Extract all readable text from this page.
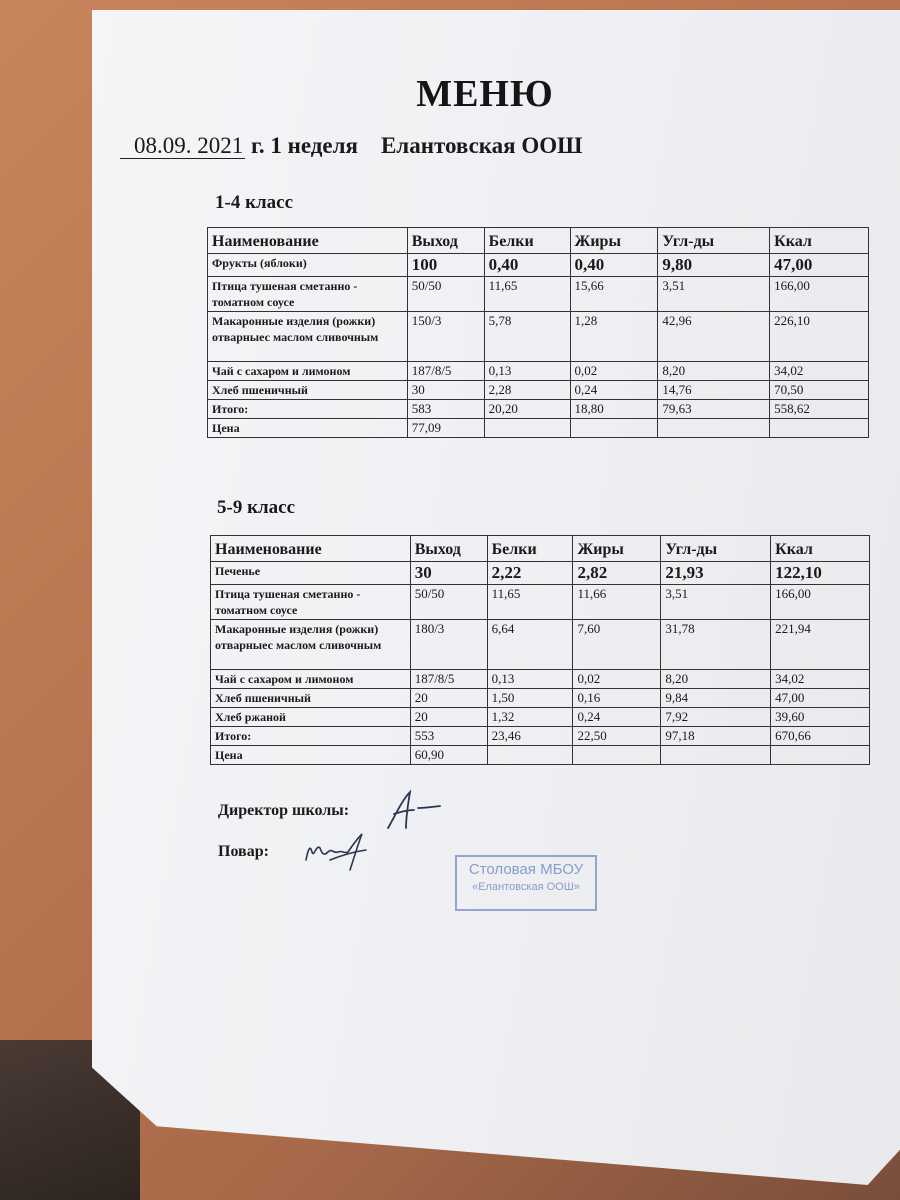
МЕНЮ
08.09. 2021 г. 1 неделя    Елантовская ООШ
1-4 класс
Наименование	Выход	Белки	Жиры	Угл-ды	Ккал
Фрукты (яблоки)	100	0,40	0,40	9,80	47,00
Птица тушеная сметанно - томатном соусе	50/50	11,65	15,66	3,51	166,00
Макаронные изделия (рожки) отварныес маслом сливочным	150/3	5,78	1,28	42,96	226,10
Чай с сахаром и лимоном	187/8/5	0,13	0,02	8,20	34,02
Хлеб пшеничный	30	2,28	0,24	14,76	70,50
Итого:	583	20,20	18,80	79,63	558,62
Цена	77,09				
5-9 класс
Наименование	Выход	Белки	Жиры	Угл-ды	Ккал
Печенье	30	2,22	2,82	21,93	122,10
Птица тушеная сметанно - томатном соусе	50/50	11,65	11,66	3,51	166,00
Макаронные изделия (рожки) отварныес маслом сливочным	180/3	6,64	7,60	31,78	221,94
Чай с сахаром и лимоном	187/8/5	0,13	0,02	8,20	34,02
Хлеб пшеничный	20	1,50	0,16	9,84	47,00
Хлеб ржаной	20	1,32	0,24	7,92	39,60
Итого:	553	23,46	22,50	97,18	670,66
Цена	60,90				
Директор школы:
Повар:
Столовая МБОУ
«Елантовская ООШ»
